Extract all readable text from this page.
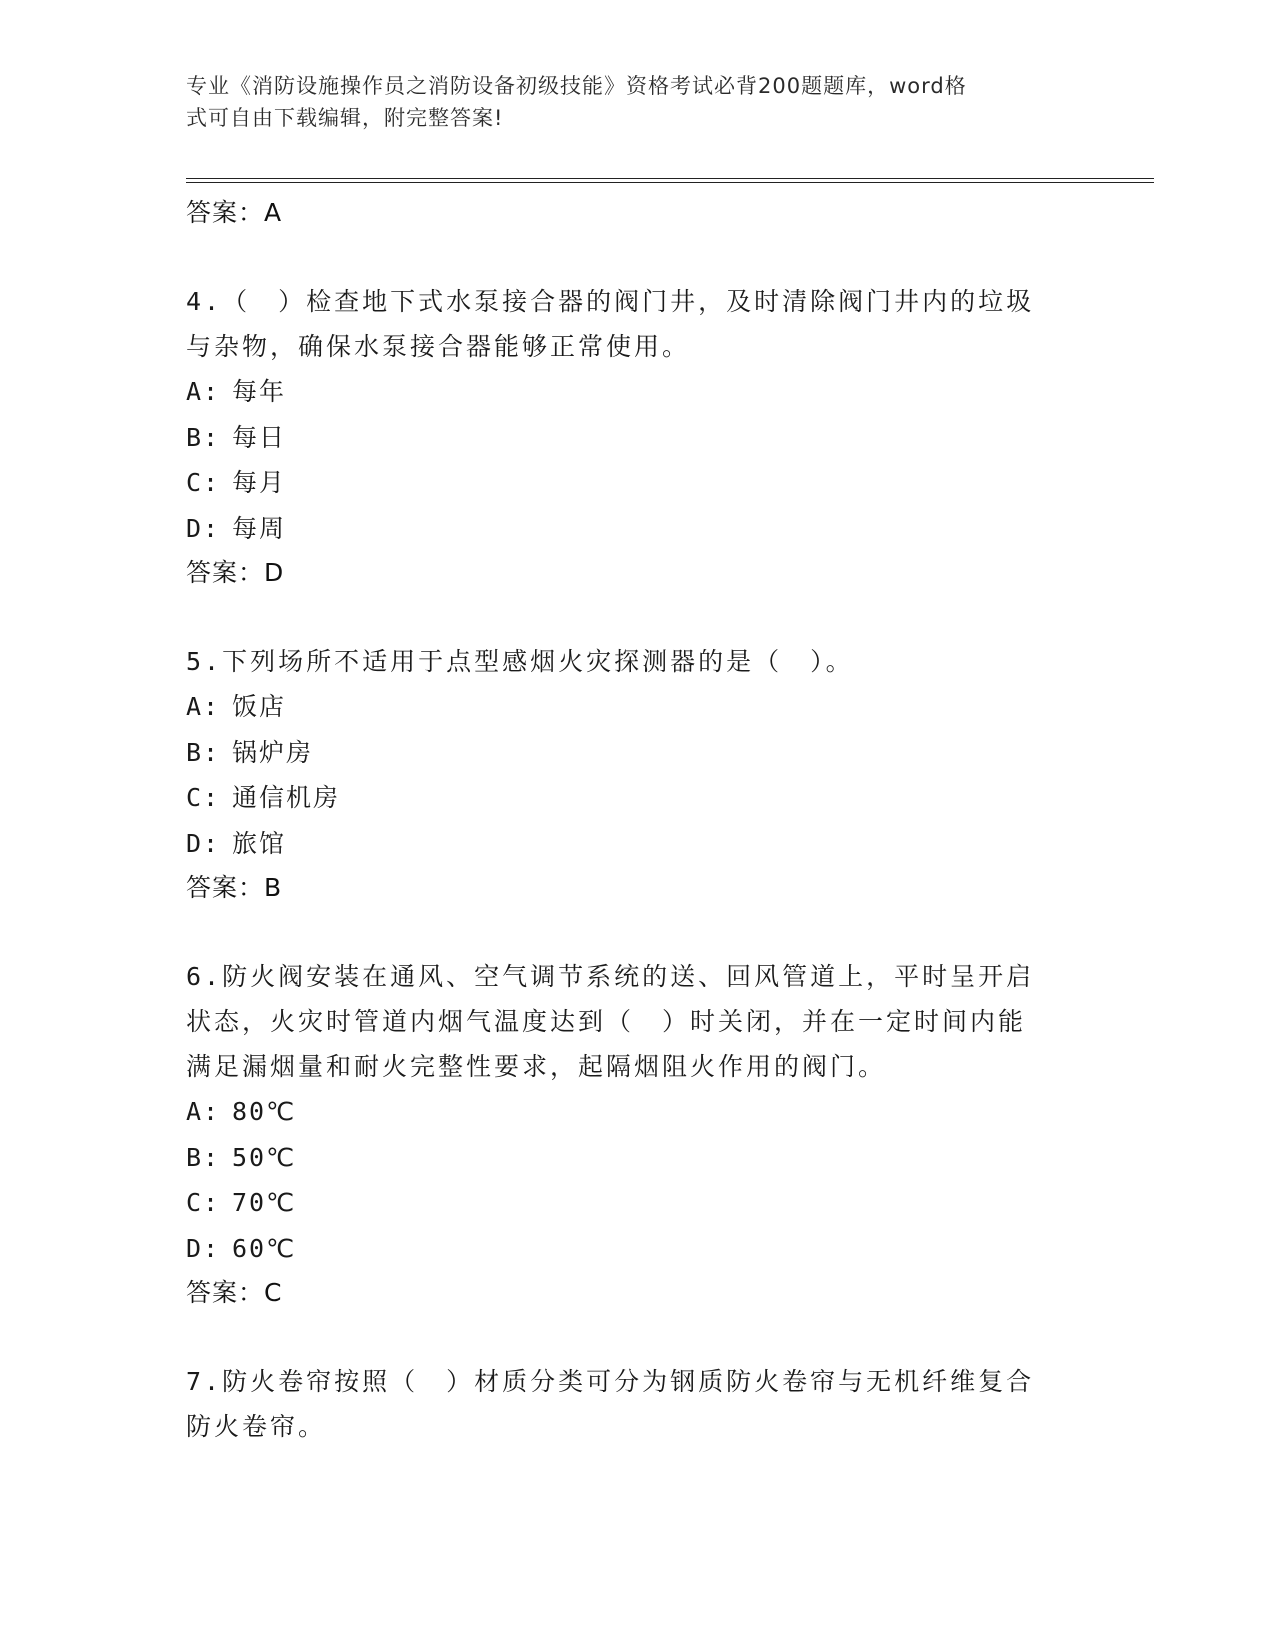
专业《消防设施操作员之消防设备初级技能》资格考试必背200题题库，word格
式可自由下载编辑，附完整答案!
答案：A
4.（　）检查地下式水泵接合器的阀门井，及时清除阀门井内的垃圾
与杂物，确保水泵接合器能够正常使用。
A: 每年
B: 每日
C: 每月
D: 每周
答案：D
5.下列场所不适用于点型感烟火灾探测器的是（　）。
A: 饭店
B: 锅炉房
C: 通信机房
D: 旅馆
答案：B
6.防火阀安装在通风、空气调节系统的送、回风管道上，平时呈开启
状态，火灾时管道内烟气温度达到（　）时关闭，并在一定时间内能
满足漏烟量和耐火完整性要求，起隔烟阻火作用的阀门。
A: 80℃
B: 50℃
C: 70℃
D: 60℃
答案：C
7.防火卷帘按照（　）材质分类可分为钢质防火卷帘与无机纤维复合
防火卷帘。
